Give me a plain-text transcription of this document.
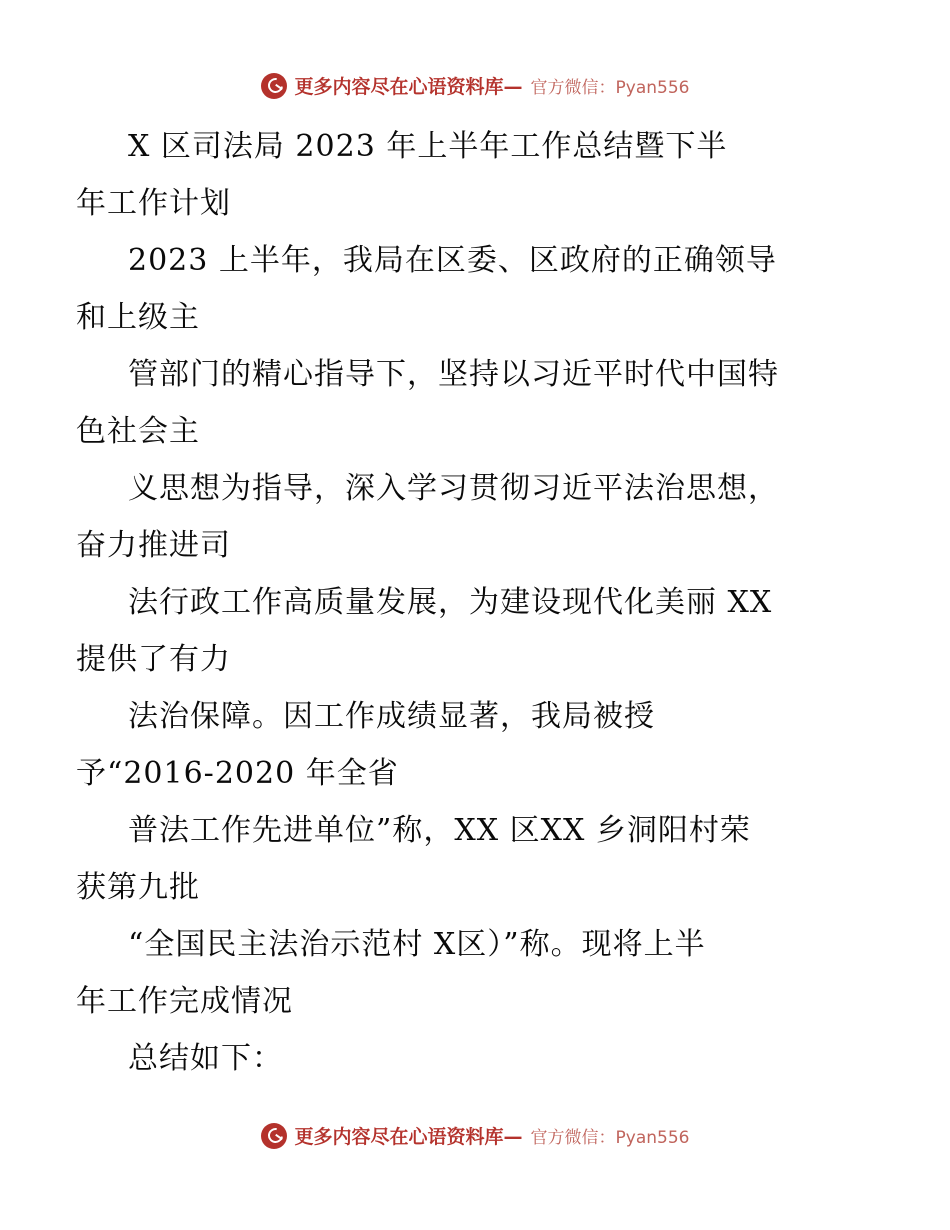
更多内容尽在心语资料库— 官方微信：Pyan556
X 区司法局 2023 年上半年工作总结暨下半
年工作计划
2023 上半年，我局在区委、区政府的正确领导
和上级主
管部门的精心指导下，坚持以习近平时代中国特
色社会主
义思想为指导，深入学习贯彻习近平法治思想，
奋力推进司
法行政工作高质量发展，为建设现代化美丽 XX
提供了有力
法治保障。因工作成绩显著，我局被授
予“2016-2020 年全省
普法工作先进单位”称，XX 区XX 乡洞阳村荣
获第九批
“全国民主法治示范村 X区）”称。现将上半
年工作完成情况
总结如下：
更多内容尽在心语资料库— 官方微信：Pyan556
